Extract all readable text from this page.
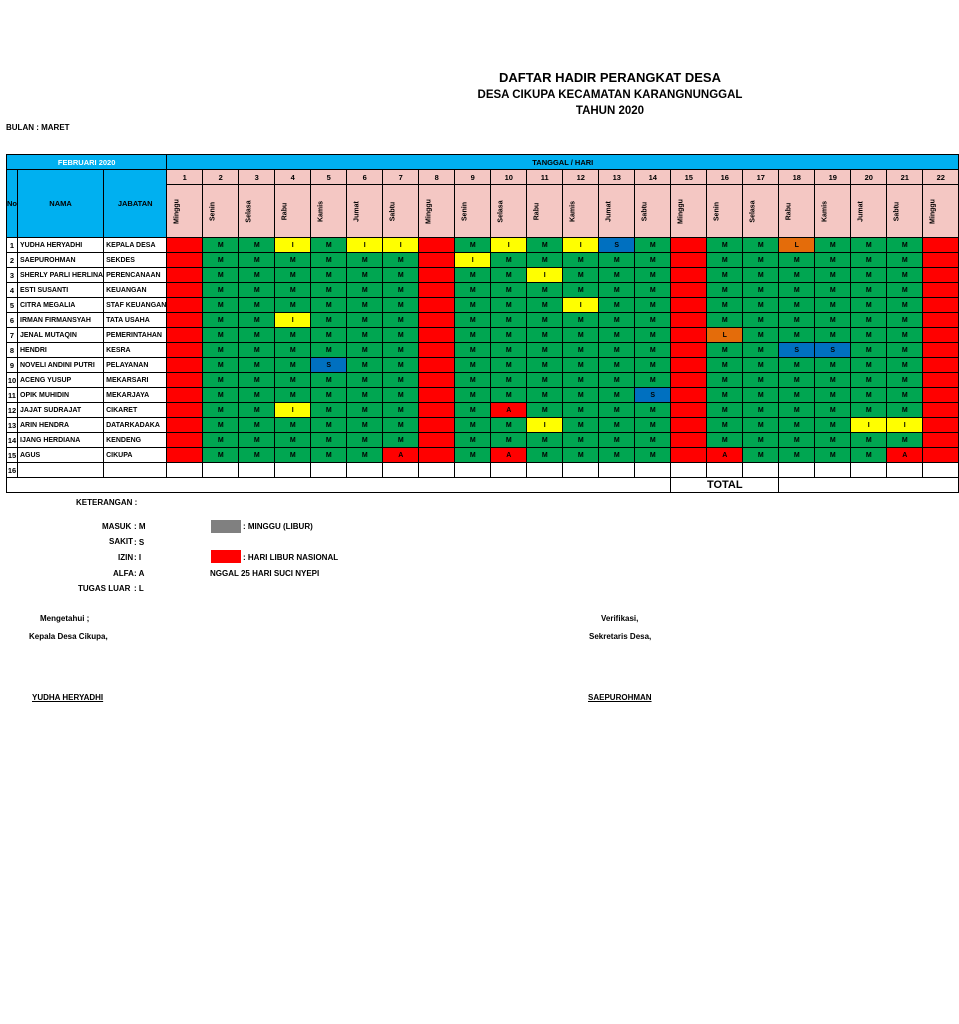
DAFTAR HADIR PERANGKAT DESA
DESA CIKUPA KECAMATAN KARANGNUNGGAL
TAHUN 2020
BULAN : MARET
FEBRUARI 2020			TANGGAL / HARI																					
No	NAMA	JABATAN	1	2	3	4	5	6	7	8	9	10	11	12	13	14	15	16	17	18	19	20	21	22

			Minggu	Senin	Selasa	Rabu	Kamis	Jumat	Sabtu	Minggu	Senin	Selasa	Rabu	Kamis	Jumat	Sabtu	Minggu	Senin	Selasa	Rabu	Kamis	Jumat	Sabtu	Minggu

1	YUDHA HERYADHI	KEPALA DESA		M	M	I	M	I	I		M	I	M	I	S	M		M	M	L	M	M	M	
2	SAEPUROHMAN	SEKDES		M	M	M	M	M	M		I	M	M	M	M	M		M	M	M	M	M	M	
3	SHERLY PARLI HERLINA	PERENCANAAN		M	M	M	M	M	M		M	M	I	M	M	M		M	M	M	M	M	M	
4	ESTI SUSANTI	KEUANGAN		M	M	M	M	M	M		M	M	M	M	M	M		M	M	M	M	M	M	
5	CITRA MEGALIA	STAF KEUANGAN		M	M	M	M	M	M		M	M	M	I	M	M		M	M	M	M	M	M	
6	IRMAN FIRMANSYAH	TATA USAHA		M	M	I	M	M	M		M	M	M	M	M	M		M	M	M	M	M	M	
7	JENAL MUTAQIN	PEMERINTAHAN		M	M	M	M	M	M		M	M	M	M	M	M		L	M	M	M	M	M	
8	HENDRI	KESRA		M	M	M	M	M	M		M	M	M	M	M	M		M	M	S	S	M	M	
9	NOVELI ANDINI PUTRI	PELAYANAN		M	M	M	S	M	M		M	M	M	M	M	M		M	M	M	M	M	M	
10	ACENG YUSUP	MEKARSARI		M	M	M	M	M	M		M	M	M	M	M	M		M	M	M	M	M	M	
11	OPIK MUHIDIN	MEKARJAYA		M	M	M	M	M	M		M	M	M	M	M	S		M	M	M	M	M	M	
12	JAJAT SUDRAJAT	CIKARET		M	M	I	M	M	M		M	A	M	M	M	M		M	M	M	M	M	M	
13	ARIN HENDRA	DATARKADAKA		M	M	M	M	M	M		M	M	I	M	M	M		M	M	M	M	I	I	
14	IJANG HERDIANA	KENDENG		M	M	M	M	M	M		M	M	M	M	M	M		M	M	M	M	M	M	
15	AGUS	CIKUPA		M	M	M	M	M	A		M	A	M	M	M	M		A	M	M	M	M	A	
16																								
																	TOTAL							
KETERANGAN :
MASUK : M
SAKIT : S
IZIN : I
ALFA : A
TUGAS LUAR : L
: MINGGU (LIBUR)
: HARI LIBUR NASIONAL
NGGAL 25 HARI SUCI NYEPI
Mengetahui ;
Kepala Desa Cikupa,
YUDHA HERYADHI
Verifikasi,
Sekretaris Desa,
SAEPUROHMAN
